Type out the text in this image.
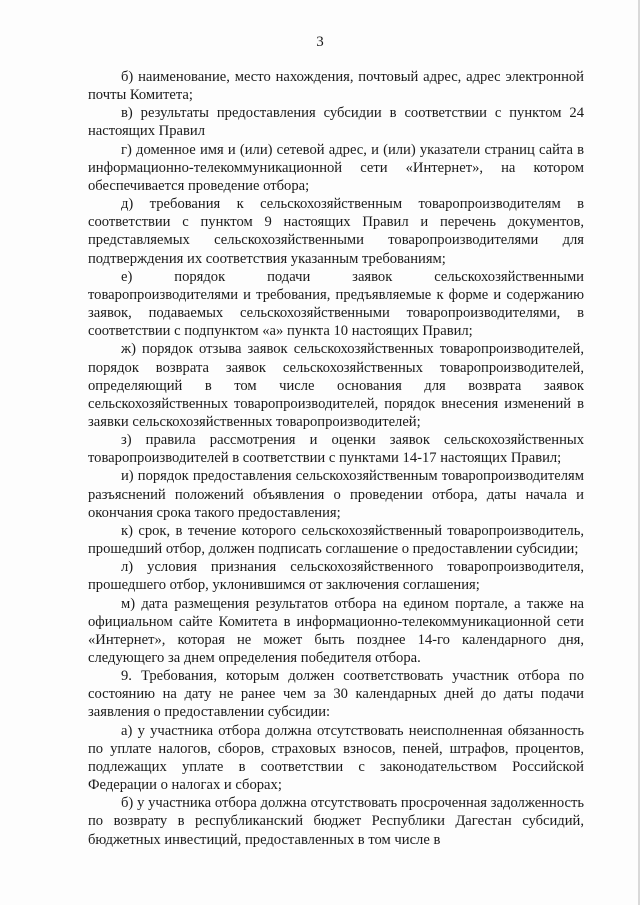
3

б) наименование, место нахождения, почтовый адрес, адрес электронной почты Комитета;

в) результаты предоставления субсидии в соответствии с пунктом 24 настоящих Правил

г) доменное имя и (или) сетевой адрес, и (или) указатели страниц сайта в информационно-телекоммуникационной сети «Интернет», на котором обеспечивается проведение отбора;

д) требования к сельскохозяйственным товаропроизводителям в соответствии с пунктом 9 настоящих Правил и перечень документов, представляемых сельскохозяйственными товаропроизводителями для подтверждения их соответствия указанным требованиям;

е) порядок подачи заявок сельскохозяйственными товаропроизводителями и требования, предъявляемые к форме и содержанию заявок, подаваемых сельскохозяйственными товаропроизводителями, в соответствии с подпунктом «а» пункта 10 настоящих Правил;

ж) порядок отзыва заявок сельскохозяйственных товаропроизводителей, порядок возврата заявок сельскохозяйственных товаропроизводителей, определяющий в том числе основания для возврата заявок сельскохозяйственных товаропроизводителей, порядок внесения изменений в заявки сельскохозяйственных товаропроизводителей;

з) правила рассмотрения и оценки заявок сельскохозяйственных товаропроизводителей в соответствии с пунктами 14-17 настоящих Правил;

и) порядок предоставления сельскохозяйственным товаропроизводителям разъяснений положений объявления о проведении отбора, даты начала и окончания срока такого предоставления;

к) срок, в течение которого сельскохозяйственный товаропроизводитель, прошедший отбор, должен подписать соглашение о предоставлении субсидии;

л) условия признания сельскохозяйственного товаропроизводителя, прошедшего отбор, уклонившимся от заключения соглашения;

м) дата размещения результатов отбора на едином портале, а также на официальном сайте Комитета в информационно-телекоммуникационной сети «Интернет», которая не может быть позднее 14-го календарного дня, следующего за днем определения победителя отбора.

9. Требования, которым должен соответствовать участник отбора по состоянию на дату не ранее чем за 30 календарных дней до даты подачи заявления о предоставлении субсидии:

а) у участника отбора должна отсутствовать неисполненная обязанность по уплате налогов, сборов, страховых взносов, пеней, штрафов, процентов, подлежащих уплате в соответствии с законодательством Российской Федерации о налогах и сборах;

б) у участника отбора должна отсутствовать просроченная задолженность по возврату в республиканский бюджет Республики Дагестан субсидий, бюджетных инвестиций, предоставленных в том числе в
